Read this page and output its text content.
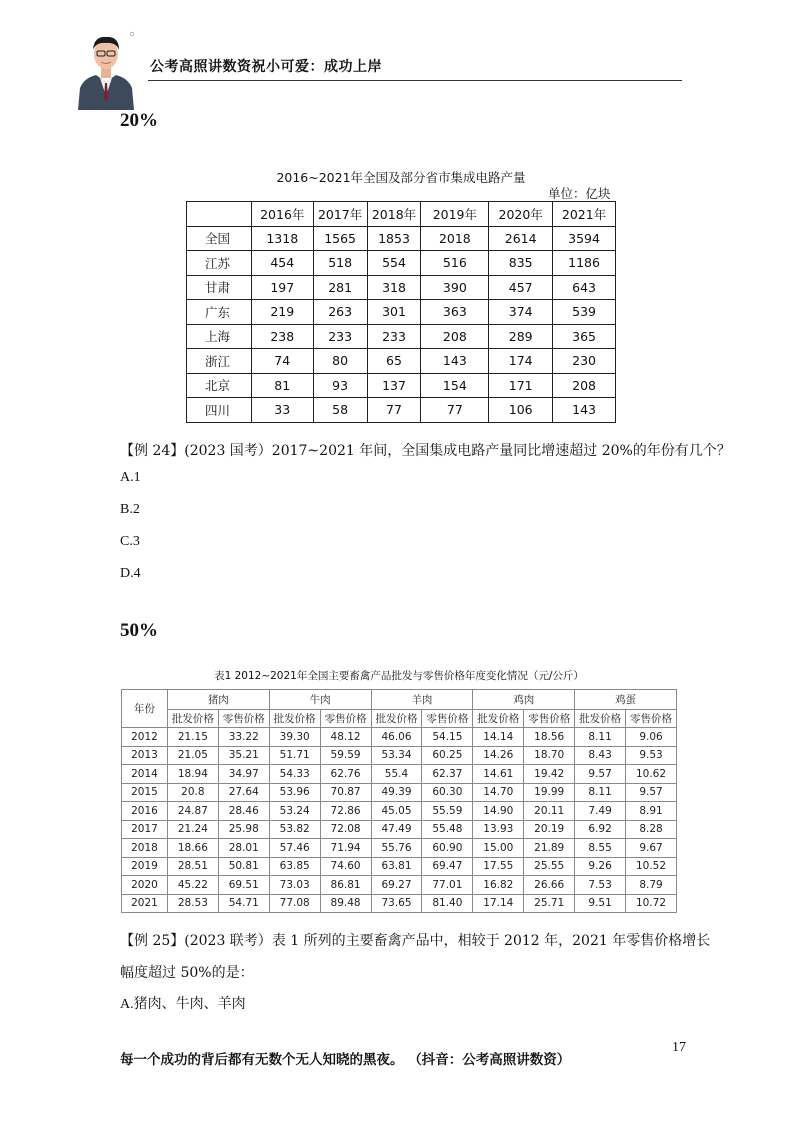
公考高照讲数资祝小可爱：成功上岸
20%
2016~2021年全国及部分省市集成电路产量
单位：亿块
	2016年	2017年	2018年	2019年	2020年	2021年
全国	1318	1565	1853	2018	2614	3594
江苏	454	518	554	516	835	1186
甘肃	197	281	318	390	457	643
广东	219	263	301	363	374	539
上海	238	233	233	208	289	365
浙江	74	80	65	143	174	230
北京	81	93	137	154	171	208
四川	33	58	77	77	106	143
【例 24】(2023 国考）2017~2021 年间，全国集成电路产量同比增速超过 20%的年份有几个？
A.1
B.2
C.3
D.4
50%
表1 2012~2021年全国主要畜禽产品批发与零售价格年度变化情况（元/公斤）
年份	猪肉		牛肉		羊肉		鸡肉		鸡蛋	
	批发价格	零售价格	批发价格	零售价格	批发价格	零售价格	批发价格	零售价格	批发价格	零售价格
2012	21.15	33.22	39.30	48.12	46.06	54.15	14.14	18.56	8.11	9.06
2013	21.05	35.21	51.71	59.59	53.34	60.25	14.26	18.70	8.43	9.53
2014	18.94	34.97	54.33	62.76	55.4	62.37	14.61	19.42	9.57	10.62
2015	20.8	27.64	53.96	70.87	49.39	60.30	14.70	19.99	8.11	9.57
2016	24.87	28.46	53.24	72.86	45.05	55.59	14.90	20.11	7.49	8.91
2017	21.24	25.98	53.82	72.08	47.49	55.48	13.93	20.19	6.92	8.28
2018	18.66	28.01	57.46	71.94	55.76	60.90	15.00	21.89	8.55	9.67
2019	28.51	50.81	63.85	74.60	63.81	69.47	17.55	25.55	9.26	10.52
2020	45.22	69.51	73.03	86.81	69.27	77.01	16.82	26.66	7.53	8.79
2021	28.53	54.71	77.08	89.48	73.65	81.40	17.14	25.71	9.51	10.72
【例 25】(2023 联考）表 1 所列的主要畜禽产品中，相较于 2012 年，2021 年零售价格增长
幅度超过 50%的是：
A.猪肉、牛肉、羊肉
每一个成功的背后都有无数个无人知晓的黑夜。 （抖音：公考高照讲数资）
17
